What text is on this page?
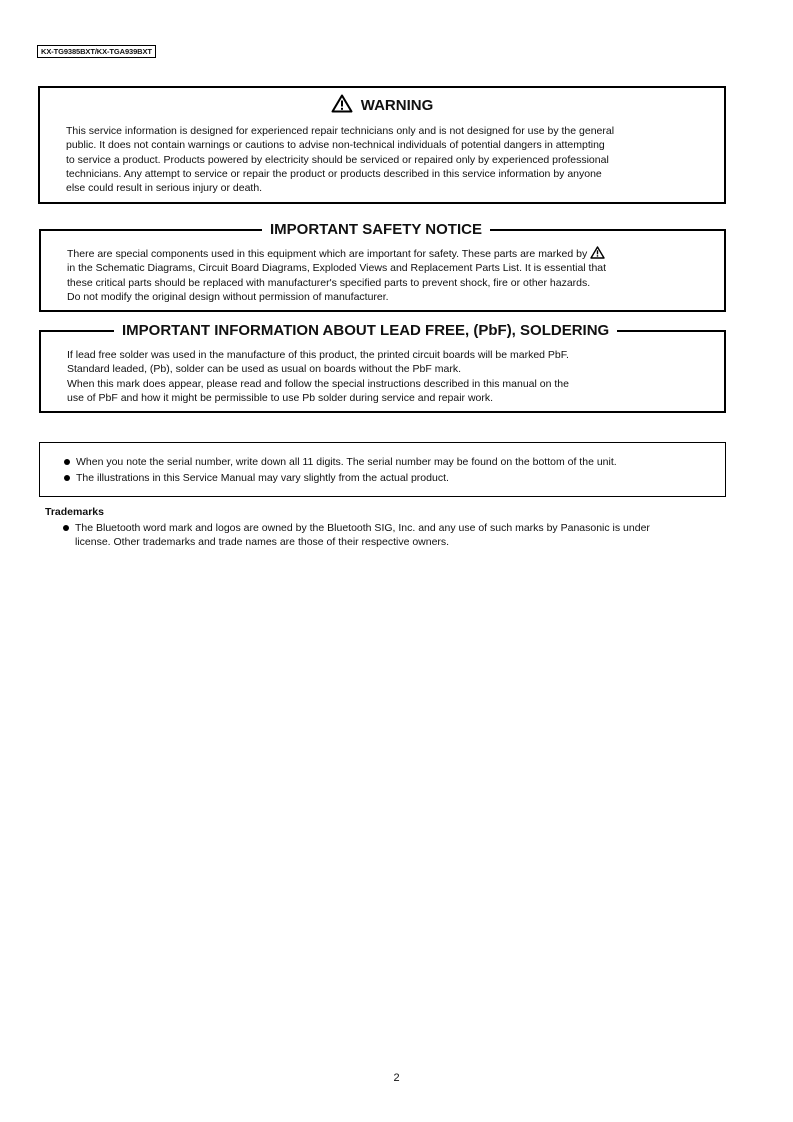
KX-TG9385BXT/KX-TGA939BXT
WARNING

This service information is designed for experienced repair technicians only and is not designed for use by the general
public. It does not contain warnings or cautions to advise non-technical individuals of potential dangers in attempting
to service a product. Products powered by electricity should be serviced or repaired only by experienced professional
technicians. Any attempt to service or repair the product or products described in this service information by anyone
else could result in serious injury or death.

IMPORTANT SAFETY NOTICE

There are special components used in this equipment which are important for safety. These parts are marked by
in the Schematic Diagrams, Circuit Board Diagrams, Exploded Views and Replacement Parts List. It is essential that
these critical parts should be replaced with manufacturer's specified parts to prevent shock, fire or other hazards.
Do not modify the original design without permission of manufacturer.

IMPORTANT INFORMATION ABOUT LEAD FREE, (PbF), SOLDERING

If lead free solder was used in the manufacture of this product, the printed circuit boards will be marked PbF.
Standard leaded, (Pb), solder can be used as usual on boards without the PbF mark.
When this mark does appear, please read and follow the special instructions described in this manual on the
use of PbF and how it might be permissible to use Pb solder during service and repair work.

When you note the serial number, write down all 11 digits. The serial number may be found on the bottom of the unit.
The illustrations in this Service Manual may vary slightly from the actual product.
Trademarks
The Bluetooth word mark and logos are owned by the Bluetooth SIG, Inc. and any use of such marks by Panasonic is under
license. Other trademarks and trade names are those of their respective owners.
2
